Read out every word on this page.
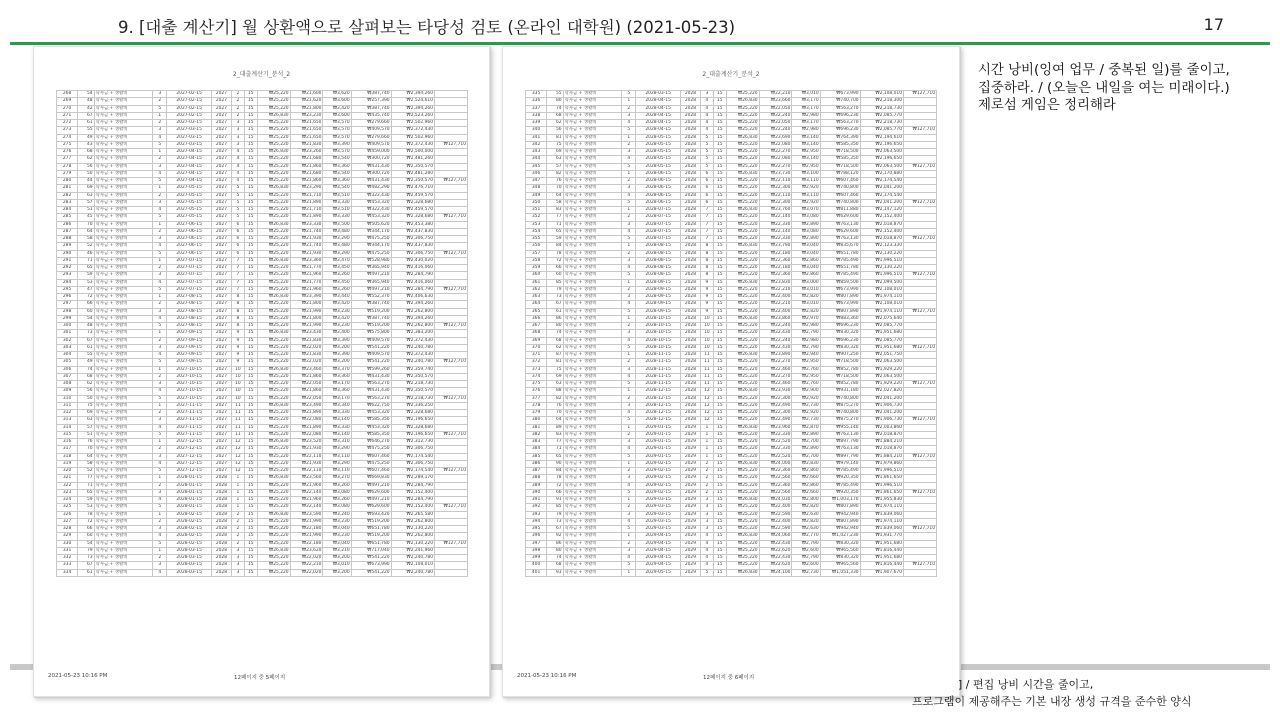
9. [대출 계산기] 월 상환액으로 살펴보는 타당성 검토 (온라인 대학원) (2021-05-23)	17
2_대출계산기_분석_2
268	54	학자금 + 생활비	3	2027-02-15	2027	2	15	₩25,220	₩21,600	₩3,620	₩387,740	₩2,394,260	
269	48	학자금 + 생활비	2	2027-02-15	2027	2	15	₩25,220	₩21,620	₩3,600	₩257,390	₩2,524,610	
270	42	학자금 + 생활비	5	2027-02-15	2027	2	15	₩25,220	₩21,800	₩3,420	₩387,740	₩2,394,260	
271	67	학자금 + 생활비	1	2027-02-15	2027	2	15	₩26,830	₩23,230	₩3,600	₩435,740	₩2,523,260	
272	61	학자금 + 생활비	2	2027-03-15	2027	3	15	₩25,220	₩21,650	₩3,570	₩279,660	₩2,502,960	
273	55	학자금 + 생활비	3	2027-03-15	2027	3	15	₩25,220	₩21,650	₩3,570	₩409,570	₩2,372,430	
274	49	학자금 + 생활비	4	2027-03-15	2027	3	15	₩25,220	₩21,650	₩3,570	₩279,660	₩2,502,960	
275	43	학자금 + 생활비	5	2027-03-15	2027	3	15	₩25,220	₩21,830	₩3,390	₩409,570	₩2,372,430	₩127,710
276	68	학자금 + 생활비	1	2027-04-15	2027	4	15	₩26,830	₩23,260	₩3,570	₩459,000	₩2,500,000	
277	62	학자금 + 생활비	2	2027-04-15	2027	4	15	₩25,220	₩21,680	₩3,540	₩300,720	₩2,481,260	
278	56	학자금 + 생활비	3	2027-04-15	2027	4	15	₩25,220	₩21,860	₩3,360	₩431,430	₩2,350,570	
279	50	학자금 + 생활비	4	2027-04-15	2027	4	15	₩25,220	₩21,680	₩3,540	₩300,720	₩2,481,280	
280	44	학자금 + 생활비	5	2027-04-15	2027	4	15	₩25,220	₩21,860	₩3,360	₩431,430	₩2,350,570	₩127,710
281	69	학자금 + 생활비	1	2027-05-15	2027	5	15	₩26,830	₩23,290	₩3,540	₩482,290	₩2,476,710	
282	63	학자금 + 생활비	2	2027-05-15	2027	5	15	₩25,220	₩21,710	₩3,510	₩322,430	₩2,459,570	
283	57	학자금 + 생활비	3	2027-05-15	2027	5	15	₩25,220	₩21,890	₩3,330	₩453,320	₩2,328,680	
284	51	학자금 + 생활비	4	2027-05-15	2027	5	15	₩25,220	₩21,710	₩3,510	₩322,430	₩2,459,570	
285	45	학자금 + 생활비	5	2027-05-15	2027	5	15	₩25,220	₩21,890	₩3,330	₩453,320	₩2,328,680	₩127,710
286	70	학자금 + 생활비	1	2027-06-15	2027	6	15	₩26,830	₩23,330	₩3,500	₩505,620	₩2,453,380	
287	64	학자금 + 생활비	2	2027-06-15	2027	6	15	₩25,220	₩21,740	₩3,480	₩344,170	₩2,437,830	
288	58	학자금 + 생활비	3	2027-06-15	2027	6	15	₩25,220	₩21,930	₩3,290	₩475,250	₩2,306,750	
289	52	학자금 + 생활비	4	2027-06-15	2027	6	15	₩25,220	₩21,740	₩3,480	₩344,170	₩2,437,830	
290	46	학자금 + 생활비	5	2027-06-15	2027	6	15	₩25,220	₩21,930	₩3,290	₩475,250	₩2,306,750	₩127,710
291	71	학자금 + 생활비	1	2027-07-15	2027	7	15	₩26,830	₩23,360	₩3,470	₩528,980	₩2,430,020	
292	65	학자금 + 생활비	2	2027-07-15	2027	7	15	₩25,220	₩21,770	₩3,450	₩365,940	₩2,416,060	
293	59	학자금 + 생활비	3	2027-07-15	2027	7	15	₩25,220	₩21,960	₩3,260	₩497,210	₩2,284,790	
294	53	학자금 + 생활비	4	2027-07-15	2027	7	15	₩25,220	₩21,770	₩3,450	₩365,940	₩2,416,060	
295	47	학자금 + 생활비	5	2027-07-15	2027	7	15	₩25,220	₩21,960	₩3,260	₩497,210	₩2,284,790	₩127,710
296	72	학자금 + 생활비	1	2027-08-15	2027	8	15	₩26,830	₩23,390	₩3,440	₩552,370	₩2,406,630	
297	66	학자금 + 생활비	2	2027-08-15	2027	8	15	₩25,220	₩21,800	₩3,420	₩387,740	₩2,394,260	
298	60	학자금 + 생활비	3	2027-08-15	2027	8	15	₩25,220	₩21,990	₩3,230	₩519,200	₩2,262,800	
299	54	학자금 + 생활비	4	2027-08-15	2027	8	15	₩25,220	₩21,800	₩3,420	₩387,740	₩2,394,260	
300	48	학자금 + 생활비	5	2027-08-15	2027	8	15	₩25,220	₩21,990	₩3,230	₩519,200	₩2,262,800	₩127,710
301	73	학자금 + 생활비	1	2027-09-15	2027	9	15	₩26,830	₩23,430	₩3,400	₩575,800	₩2,383,200	
302	67	학자금 + 생활비	2	2027-09-15	2027	9	15	₩25,220	₩21,830	₩3,390	₩409,570	₩2,372,430	
303	61	학자금 + 생활비	3	2027-09-15	2027	9	15	₩25,220	₩22,020	₩3,200	₩541,220	₩2,240,780	
304	55	학자금 + 생활비	4	2027-09-15	2027	9	15	₩25,220	₩21,830	₩3,390	₩409,570	₩2,372,430	
305	49	학자금 + 생활비	5	2027-09-15	2027	9	15	₩25,220	₩22,020	₩3,200	₩541,220	₩2,240,780	₩127,710
306	74	학자금 + 생활비	1	2027-10-15	2027	10	15	₩26,830	₩23,460	₩3,370	₩599,260	₩2,359,740	
307	68	학자금 + 생활비	2	2027-10-15	2027	10	15	₩25,220	₩21,860	₩3,360	₩431,430	₩2,350,570	
308	62	학자금 + 생활비	3	2027-10-15	2027	10	15	₩25,220	₩22,050	₩3,170	₩563,270	₩2,218,730	
309	56	학자금 + 생활비	4	2027-10-15	2027	10	15	₩25,220	₩21,860	₩3,360	₩431,430	₩2,350,570	
310	50	학자금 + 생활비	5	2027-10-15	2027	10	15	₩25,220	₩22,050	₩3,170	₩563,270	₩2,218,730	₩127,710
311	75	학자금 + 생활비	1	2027-11-15	2027	11	15	₩26,830	₩23,490	₩3,340	₩622,750	₩2,336,250	
312	69	학자금 + 생활비	2	2027-11-15	2027	11	15	₩25,220	₩21,890	₩3,330	₩453,320	₩2,328,680	
313	63	학자금 + 생활비	3	2027-11-15	2027	11	15	₩25,220	₩22,080	₩3,140	₩585,350	₩2,196,650	
314	57	학자금 + 생활비	4	2027-11-15	2027	11	15	₩25,220	₩21,890	₩3,330	₩453,320	₩2,328,680	
315	51	학자금 + 생활비	5	2027-11-15	2027	11	15	₩25,220	₩22,080	₩3,140	₩585,350	₩2,196,650	₩127,710
316	76	학자금 + 생활비	1	2027-12-15	2027	12	15	₩26,830	₩23,520	₩3,310	₩646,270	₩2,312,730	
317	70	학자금 + 생활비	2	2027-12-15	2027	12	15	₩25,220	₩21,930	₩3,290	₩475,250	₩2,306,750	
318	64	학자금 + 생활비	3	2027-12-15	2027	12	15	₩25,220	₩22,110	₩3,110	₩607,460	₩2,174,540	
319	58	학자금 + 생활비	4	2027-12-15	2027	12	15	₩25,220	₩21,930	₩3,290	₩475,250	₩2,306,750	
320	52	학자금 + 생활비	5	2027-12-15	2027	12	15	₩25,220	₩22,110	₩3,110	₩607,460	₩2,174,540	₩127,710
321	77	학자금 + 생활비	1	2028-01-15	2028	1	15	₩26,830	₩23,560	₩3,270	₩669,830	₩2,289,170	
322	71	학자금 + 생활비	2	2028-01-15	2028	1	15	₩25,220	₩21,960	₩3,260	₩497,210	₩2,284,790	
323	65	학자금 + 생활비	3	2028-01-15	2028	1	15	₩25,220	₩22,140	₩3,080	₩629,600	₩2,152,400	
324	59	학자금 + 생활비	4	2028-01-15	2028	1	15	₩25,220	₩21,960	₩3,260	₩497,210	₩2,284,790	
325	53	학자금 + 생활비	5	2028-01-15	2028	1	15	₩25,220	₩22,140	₩3,080	₩629,600	₩2,152,400	₩127,710
326	78	학자금 + 생활비	1	2028-02-15	2028	2	15	₩26,830	₩23,590	₩3,240	₩693,420	₩2,265,580	
327	72	학자금 + 생활비	2	2028-02-15	2028	2	15	₩25,220	₩21,990	₩3,230	₩519,200	₩2,262,800	
328	66	학자금 + 생활비	3	2028-02-15	2028	2	15	₩25,220	₩22,180	₩3,040	₩651,780	₩2,130,220	
329	60	학자금 + 생활비	4	2028-02-15	2028	2	15	₩25,220	₩21,990	₩3,230	₩519,200	₩2,262,800	
330	54	학자금 + 생활비	5	2028-02-15	2028	2	15	₩25,220	₩22,180	₩3,040	₩651,780	₩2,130,220	₩127,710
331	79	학자금 + 생활비	1	2028-03-15	2028	3	15	₩26,830	₩23,620	₩3,210	₩717,040	₩2,241,960	
332	73	학자금 + 생활비	2	2028-03-15	2028	3	15	₩25,220	₩22,020	₩3,200	₩541,220	₩2,240,780	
333	67	학자금 + 생활비	3	2028-03-15	2028	3	15	₩25,220	₩22,210	₩3,010	₩673,990	₩2,108,010	
334	61	학자금 + 생활비	4	2028-03-15	2028	3	15	₩25,220	₩22,020	₩3,200	₩541,220	₩2,240,780	
2021-05-23 10:16 PM	12페이지 중 5페이지
2_대출계산기_분석_2
335	55	학자금 + 생활비	5	2028-03-15	2028	3	15	₩25,220	₩22,210	₩3,010	₩673,990	₩2,108,010	₩127,710
336	80	학자금 + 생활비	1	2028-04-15	2028	4	15	₩26,830	₩23,660	₩3,170	₩740,700	₩2,218,300	
337	74	학자금 + 생활비	2	2028-04-15	2028	4	15	₩25,220	₩22,050	₩3,170	₩563,270	₩2,218,730	
338	68	학자금 + 생활비	3	2028-04-15	2028	4	15	₩25,220	₩22,240	₩2,980	₩696,230	₩2,085,770	
339	62	학자금 + 생활비	4	2028-04-15	2028	4	15	₩25,220	₩22,050	₩3,170	₩563,270	₩2,218,730	
340	56	학자금 + 생활비	5	2028-04-15	2028	4	15	₩25,220	₩22,240	₩2,980	₩696,230	₩2,085,770	₩127,710
341	81	학자금 + 생활비	1	2028-05-15	2028	5	15	₩26,830	₩23,690	₩3,140	₩764,390	₩2,194,610	
342	75	학자금 + 생활비	2	2028-05-15	2028	5	15	₩25,220	₩22,080	₩3,140	₩585,350	₩2,196,650	
343	69	학자금 + 생활비	3	2028-05-15	2028	5	15	₩25,220	₩22,270	₩2,950	₩718,500	₩2,063,500	
344	63	학자금 + 생활비	4	2028-05-15	2028	5	15	₩25,220	₩22,080	₩3,140	₩585,350	₩2,196,650	
345	57	학자금 + 생활비	5	2028-05-15	2028	5	15	₩25,220	₩22,270	₩2,950	₩718,500	₩2,063,500	₩127,710
346	82	학자금 + 생활비	1	2028-06-15	2028	6	15	₩26,830	₩23,730	₩3,100	₩788,120	₩2,170,880	
347	76	학자금 + 생활비	2	2028-06-15	2028	6	15	₩25,220	₩22,110	₩3,110	₩607,460	₩2,174,540	
348	70	학자금 + 생활비	3	2028-06-15	2028	6	15	₩25,220	₩22,300	₩2,920	₩740,800	₩2,041,200	
349	64	학자금 + 생활비	4	2028-06-15	2028	6	15	₩25,220	₩22,110	₩3,110	₩607,460	₩2,174,540	
350	58	학자금 + 생활비	5	2028-06-15	2028	6	15	₩25,220	₩22,300	₩2,920	₩740,800	₩2,041,200	₩127,710
351	83	학자금 + 생활비	1	2028-07-15	2028	7	15	₩26,830	₩23,760	₩3,070	₩811,880	₩2,147,120	
352	77	학자금 + 생활비	2	2028-07-15	2028	7	15	₩25,220	₩22,140	₩3,080	₩629,600	₩2,152,400	
353	71	학자금 + 생활비	3	2028-07-15	2028	7	15	₩25,220	₩22,330	₩2,890	₩763,130	₩2,018,870	
354	65	학자금 + 생활비	4	2028-07-15	2028	7	15	₩25,220	₩22,140	₩3,080	₩629,600	₩2,152,400	
355	59	학자금 + 생활비	5	2028-07-15	2028	7	15	₩25,220	₩22,330	₩2,890	₩763,130	₩2,018,870	₩127,710
356	84	학자금 + 생활비	1	2028-08-15	2028	8	15	₩26,830	₩23,790	₩3,040	₩835,670	₩2,123,330	
357	78	학자금 + 생활비	2	2028-08-15	2028	8	15	₩25,220	₩22,180	₩3,040	₩651,780	₩2,130,220	
358	72	학자금 + 생활비	3	2028-08-15	2028	8	15	₩25,220	₩22,360	₩2,860	₩785,490	₩1,996,510	
359	66	학자금 + 생활비	4	2028-08-15	2028	8	15	₩25,220	₩22,180	₩3,040	₩651,780	₩2,130,220	
360	60	학자금 + 생활비	5	2028-08-15	2028	8	15	₩25,220	₩22,360	₩2,860	₩785,490	₩1,996,510	₩127,710
361	85	학자금 + 생활비	1	2028-09-15	2028	9	15	₩26,830	₩23,830	₩3,000	₩859,500	₩2,099,500	
362	79	학자금 + 생활비	2	2028-09-15	2028	9	15	₩25,220	₩22,210	₩3,010	₩673,990	₩2,108,010	
363	73	학자금 + 생활비	3	2028-09-15	2028	9	15	₩25,220	₩22,400	₩2,820	₩807,890	₩1,974,110	
364	67	학자금 + 생활비	4	2028-09-15	2028	9	15	₩25,220	₩22,210	₩3,010	₩673,990	₩2,108,010	
365	61	학자금 + 생활비	5	2028-09-15	2028	9	15	₩25,220	₩22,400	₩2,820	₩807,890	₩1,974,110	₩127,710
366	86	학자금 + 생활비	1	2028-10-15	2028	10	15	₩26,830	₩23,860	₩2,970	₩883,360	₩2,075,640	
367	80	학자금 + 생활비	2	2028-10-15	2028	10	15	₩25,220	₩22,240	₩2,980	₩696,230	₩2,085,770	
368	74	학자금 + 생활비	3	2028-10-15	2028	10	15	₩25,220	₩22,430	₩2,790	₩830,320	₩1,951,680	
369	68	학자금 + 생활비	4	2028-10-15	2028	10	15	₩25,220	₩22,240	₩2,980	₩696,230	₩2,085,770	
370	62	학자금 + 생활비	5	2028-10-15	2028	10	15	₩25,220	₩22,430	₩2,790	₩830,320	₩1,951,680	₩127,710
371	87	학자금 + 생활비	1	2028-11-15	2028	11	15	₩26,830	₩23,890	₩2,940	₩907,250	₩2,051,750	
372	81	학자금 + 생활비	2	2028-11-15	2028	11	15	₩25,220	₩22,270	₩2,950	₩718,500	₩2,063,500	
373	75	학자금 + 생활비	3	2028-11-15	2028	11	15	₩25,220	₩22,460	₩2,760	₩852,780	₩1,929,220	
374	69	학자금 + 생활비	4	2028-11-15	2028	11	15	₩25,220	₩22,270	₩2,950	₩718,500	₩2,063,500	
375	63	학자금 + 생활비	5	2028-11-15	2028	11	15	₩25,220	₩22,460	₩2,760	₩852,780	₩1,929,220	₩127,710
376	88	학자금 + 생활비	1	2028-12-15	2028	12	15	₩26,830	₩23,930	₩2,900	₩931,180	₩2,027,820	
377	82	학자금 + 생활비	2	2028-12-15	2028	12	15	₩25,220	₩22,300	₩2,920	₩740,800	₩2,041,200	
378	76	학자금 + 생활비	3	2028-12-15	2028	12	15	₩25,220	₩22,490	₩2,730	₩875,270	₩1,906,730	
379	70	학자금 + 생활비	4	2028-12-15	2028	12	15	₩25,220	₩22,300	₩2,920	₩740,800	₩2,041,200	
380	64	학자금 + 생활비	5	2028-12-15	2028	12	15	₩25,220	₩22,490	₩2,730	₩875,270	₩1,906,730	₩127,710
381	89	학자금 + 생활비	1	2029-01-15	2029	1	15	₩26,830	₩23,960	₩2,870	₩955,140	₩2,003,860	
382	83	학자금 + 생활비	2	2029-01-15	2029	1	15	₩25,220	₩22,330	₩2,890	₩763,130	₩2,018,870	
383	77	학자금 + 생활비	3	2029-01-15	2029	1	15	₩25,220	₩22,520	₩2,700	₩897,790	₩1,884,210	
384	71	학자금 + 생활비	4	2029-01-15	2029	1	15	₩25,220	₩22,330	₩2,890	₩763,130	₩2,018,870	
385	65	학자금 + 생활비	5	2029-01-15	2029	1	15	₩25,220	₩22,520	₩2,700	₩897,790	₩1,884,210	₩127,710
386	90	학자금 + 생활비	1	2029-02-15	2029	2	15	₩26,830	₩24,000	₩2,830	₩979,140	₩1,979,860	
387	84	학자금 + 생활비	2	2029-02-15	2029	2	15	₩25,220	₩22,360	₩2,860	₩785,490	₩1,996,510	
388	78	학자금 + 생활비	3	2029-02-15	2029	2	15	₩25,220	₩22,560	₩2,660	₩920,350	₩1,861,650	
389	72	학자금 + 생활비	4	2029-02-15	2029	2	15	₩25,220	₩22,360	₩2,860	₩785,490	₩1,996,510	
390	66	학자금 + 생활비	5	2029-02-15	2029	2	15	₩25,220	₩22,560	₩2,660	₩920,350	₩1,861,650	₩127,710
391	91	학자금 + 생활비	1	2029-03-15	2029	3	15	₩26,830	₩24,030	₩2,800	₩1,003,170	₩1,955,830	
392	85	학자금 + 생활비	2	2029-03-15	2029	3	15	₩25,220	₩22,400	₩2,820	₩807,890	₩1,974,110	
393	79	학자금 + 생활비	3	2029-03-15	2029	3	15	₩25,220	₩22,590	₩2,630	₩942,940	₩1,839,060	
394	73	학자금 + 생활비	4	2029-03-15	2029	3	15	₩25,220	₩22,400	₩2,820	₩807,890	₩1,974,110	
395	67	학자금 + 생활비	5	2029-03-15	2029	3	15	₩25,220	₩22,590	₩2,630	₩942,940	₩1,839,060	₩127,710
396	92	학자금 + 생활비	1	2029-04-15	2029	4	15	₩26,830	₩24,060	₩2,770	₩1,027,230	₩1,931,770	
397	86	학자금 + 생활비	2	2029-04-15	2029	4	15	₩25,220	₩22,430	₩2,790	₩830,320	₩1,951,680	
398	80	학자금 + 생활비	3	2029-04-15	2029	4	15	₩25,220	₩22,620	₩2,600	₩965,560	₩1,816,440	
399	74	학자금 + 생활비	4	2029-04-15	2029	4	15	₩25,220	₩22,430	₩2,790	₩830,320	₩1,951,680	
400	68	학자금 + 생활비	5	2029-04-15	2029	4	15	₩25,220	₩22,620	₩2,600	₩965,560	₩1,816,440	₩127,710
401	93	학자금 + 생활비	1	2029-05-15	2029	5	15	₩26,830	₩24,100	₩2,730	₩1,051,330	₩1,907,670	
2021-05-23 10:16 PM	12페이지 중 6페이지
시간 낭비(잉여 업무 / 중복된 일)를 줄이고,
집중하라. / (오늘은 내일을 여는 미래이다.)
제로섬 게임은 정리해라
] / 편집 낭비 시간을 줄이고,
프로그램이 제공해주는 기본 내장 생성 규격을 준수한 양식
